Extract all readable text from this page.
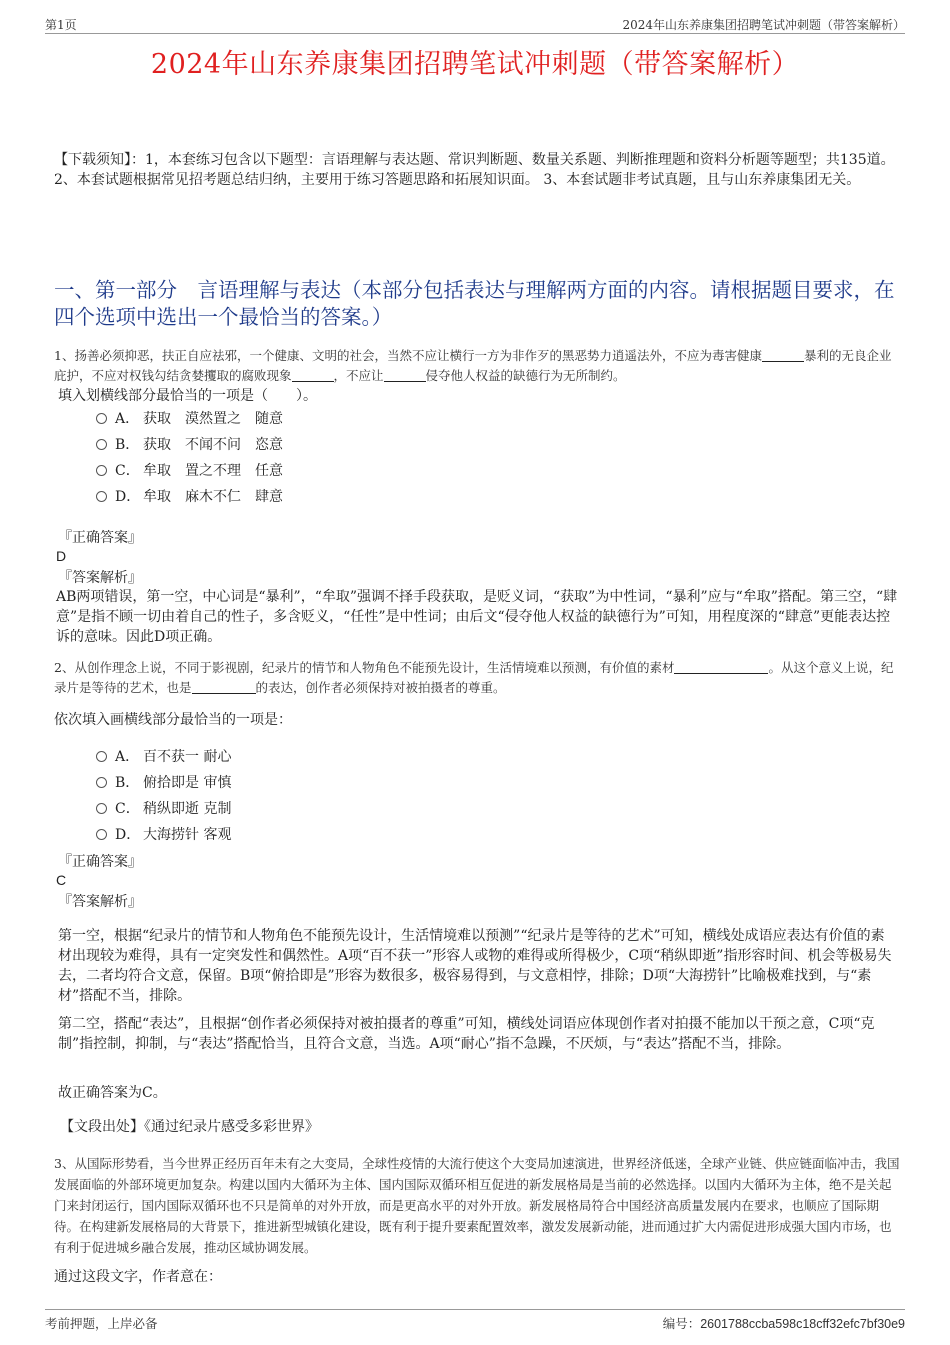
第1页	2024年山东养康集团招聘笔试冲刺题（带答案解析）
2024年山东养康集团招聘笔试冲刺题（带答案解析）
【下载须知】：1，本套练习包含以下题型：言语理解与表达题、常识判断题、数量关系题、判断推理题和资料分析题等题型；共135道。 2、本套试题根据常见招考题总结归纳，主要用于练习答题思路和拓展知识面。 3、本套试题非考试真题，且与山东养康集团无关。
一、第一部分　言语理解与表达（本部分包括表达与理解两方面的内容。请根据题目要求，在四个选项中选出一个最恰当的答案。）
1、扬善必须抑恶，扶正自应祛邪，一个健康、文明的社会，当然不应让横行一方为非作歹的黑恶势力逍遥法外，不应为毒害健康	暴利的无良企业庇护，不应对权钱勾结贪婪攫取的腐败现象	，不应让	侵夺他人权益的缺德行为无所制约。
填入划横线部分最恰当的一项是（　　）。
A． 获取　漠然置之　随意
B． 获取　不闻不问　恣意
C． 牟取　置之不理　任意
D． 牟取　麻木不仁　肆意
『正确答案』
D
『答案解析』
AB两项错误，第一空，中心词是“暴利”，“牟取”强调不择手段获取，是贬义词，“获取”为中性词，“暴利”应与“牟取”搭配。第三空，“肆意”是指不顾一切由着自己的性子，多含贬义，“任性”是中性词；由后文“侵夺他人权益的缺德行为”可知，用程度深的“肆意”更能表达控诉的意味。因此D项正确。
2、从创作理念上说，不同于影视剧，纪录片的情节和人物角色不能预先设计，生活情境难以预测，有价值的素材	。从这个意义上说，纪录片是等待的艺术，也是	的表达，创作者必须保持对被拍摄者的尊重。
依次填入画横线部分最恰当的一项是：
A． 百不获一 耐心
B． 俯拾即是 审慎
C． 稍纵即逝 克制
D． 大海捞针 客观
『正确答案』
C
『答案解析』
第一空，根据“纪录片的情节和人物角色不能预先设计，生活情境难以预测”“纪录片是等待的艺术”可知，横线处成语应表达有价值的素材出现较为难得，具有一定突发性和偶然性。A项“百不获一”形容人或物的难得或所得极少，C项“稍纵即逝”指形容时间、机会等极易失去，二者均符合文意，保留。B项“俯拾即是”形容为数很多，极容易得到，与文意相悖，排除；D项“大海捞针”比喻极难找到，与“素材”搭配不当，排除。
第二空，搭配“表达”，且根据“创作者必须保持对被拍摄者的尊重”可知，横线处词语应体现创作者对拍摄不能加以干预之意，C项“克制”指控制，抑制，与“表达”搭配恰当，且符合文意，当选。A项“耐心”指不急躁，不厌烦，与“表达”搭配不当，排除。
故正确答案为C。
【文段出处】《通过纪录片感受多彩世界》
3、从国际形势看，当今世界正经历百年未有之大变局，全球性疫情的大流行使这个大变局加速演进，世界经济低迷，全球产业链、供应链面临冲击，我国发展面临的外部环境更加复杂。构建以国内大循环为主体、国内国际双循环相互促进的新发展格局是当前的必然选择。以国内大循环为主体，绝不是关起门来封闭运行，国内国际双循环也不只是简单的对外开放，而是更高水平的对外开放。新发展格局符合中国经济高质量发展内在要求，也顺应了国际期待。在构建新发展格局的大背景下，推进新型城镇化建设，既有利于提升要素配置效率，激发发展新动能，进而通过扩大内需促进形成强大国内市场，也有利于促进城乡融合发展，推动区域协调发展。
通过这段文字，作者意在：
考前押题，上岸必备	编号：2601788ccba598c18cff32efc7bf30e9
